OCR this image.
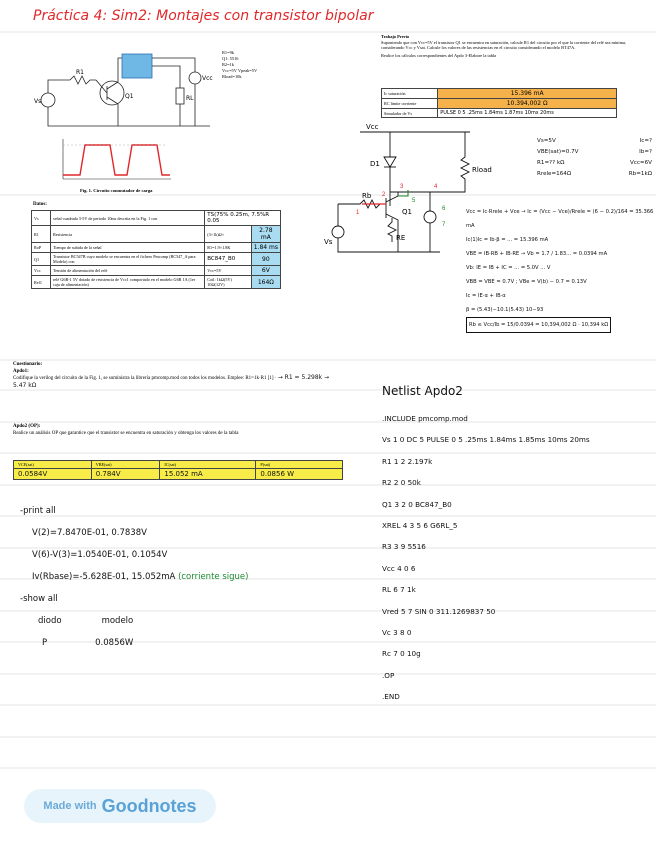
Práctica 4: Sim2: Montajes con transistor bipolar
Vs
R1
Q1	RL
Vcc
R1=9k
Q1: 5516
R2=1k
Vcc=5V Vpeak=5V
Rload=10k
Fig. 1. Circuito conmutador de carga
Datos:
Vs	señal cuadrada 3-5V de periodo 10ms descrita en la Fig. 1 con	TS(75% 0.25m, 7.5%R 0.05	
R1	Resistencia	(3×1k)Ω×	2.78 mA
RoP	Tiempo de subida de la señal	R1=1.9×1.8K	1.84 ms
Q1	Transistor BC547B cuyo modelo se encuentra en el fichero Pmcomp (BC547_A para Modelo) con	BC847_B0	90
Vcc	Tensión de alimentación del relé	Vcc=5V	6V
Rel1	relé G6R-1 5V dotado de resistencia de Vcc1 comportado en el modelo G6R 1A (1er caja de alimentación)	Coil: 1kΩ(5V) 10Ω(12V)	164Ω
Cuestionario:
Apdo1:
Codifique la verilog del circuito de la Fig. 1, se suministra la librería pmcomp.mod con todos los modelos. Emplee: R1=1k·R1 [1] · → R1 = 5.298k → 5.47 kΩ
Apdo2 (OP):
Realice un análisis OP que garantice que el transistor se encuentra en saturación y obtenga los valores de la tabla
VCE(sat)	VBE(sat)	IC(sat)	P(sat)
0.0584V	0.784V	15.052 mA	0.0856 W
-print all
V(2)=7.8470E-01, 0.7838V
V(6)-V(3)=1.0540E-01, 0.1054V
Iv(Rbase)=-5.628E-01, 15.052mA (corriente sigue)
-show all
diodo	modelo
P	0.0856W
Trabajo Previo
Suponiendo que con Vcc=5V el transistor Q1 se encuentra en saturación, calcule R1 del circuito por el que la corriente del relé sea mínima, considerando Vcc y Vsat. Calcule los valores de las resistencias en el circuito considerando el modelo BT47A.
Realice los cálculos correspondientes del Apdo 3-Elabore la tabla
Ic saturación	15.396 mA
RC limite corriente	10.394,002 Ω
Simulador de Vs	PULSE 0 5 .25ms 1.84ms 1.87ms 10ms 20ms
Vcc
D1
Rload
Q1
Rb
RE
Vs
1
2
3	4
5
6
7
Vs=5V	Ic=?
VBE(sat)=0.7V	Ib=?
R1=?? kΩ	Vcc=6V
Rrele=164Ω	Rb=1kΩ
Vcc = Ic·Rrele + Vce → Ic = (Vcc − Vce)/Rrele = (6 − 0.2)/164 = 35.366 mA
Ic(1)Ic = Ib·β = ... = 15.396 mA
VBE = IB·RB + IB·RE → Vb = 1.7 / 1.83... = 0.0394 mA
Vb: IE = IB + IC = ... = 5.0V ... V
VBB = VBE = 0.7V ; VBe = V(b) − 0.7 = 0.13V
Ic = IE·α + IB·α
β = (5.43)−10.1(5.43) 10−93
Rb ≤ Vcc/Ib = 15/0.0394 = 10,394,002 Ω · 10,394 kΩ
Netlist Apdo2
.INCLUDE pmcomp.mod
Vs 1 0 DC 5 PULSE 0 5 .25ms 1.84ms 1.85ms 10ms 20ms
R1 1 2 2.197k
R2 2 0 50k
Q1 3 2 0 BC847_B0
XREL 4 3 5 6 G6RL_5
R3 3 9 5516
Vcc 4 0 6
RL 6 7 1k
Vred 5 7 SIN 0 311.1269837 50
Vc 3 8 0
Rc 7 0 10g
.OP
.END
Made with Goodnotes
